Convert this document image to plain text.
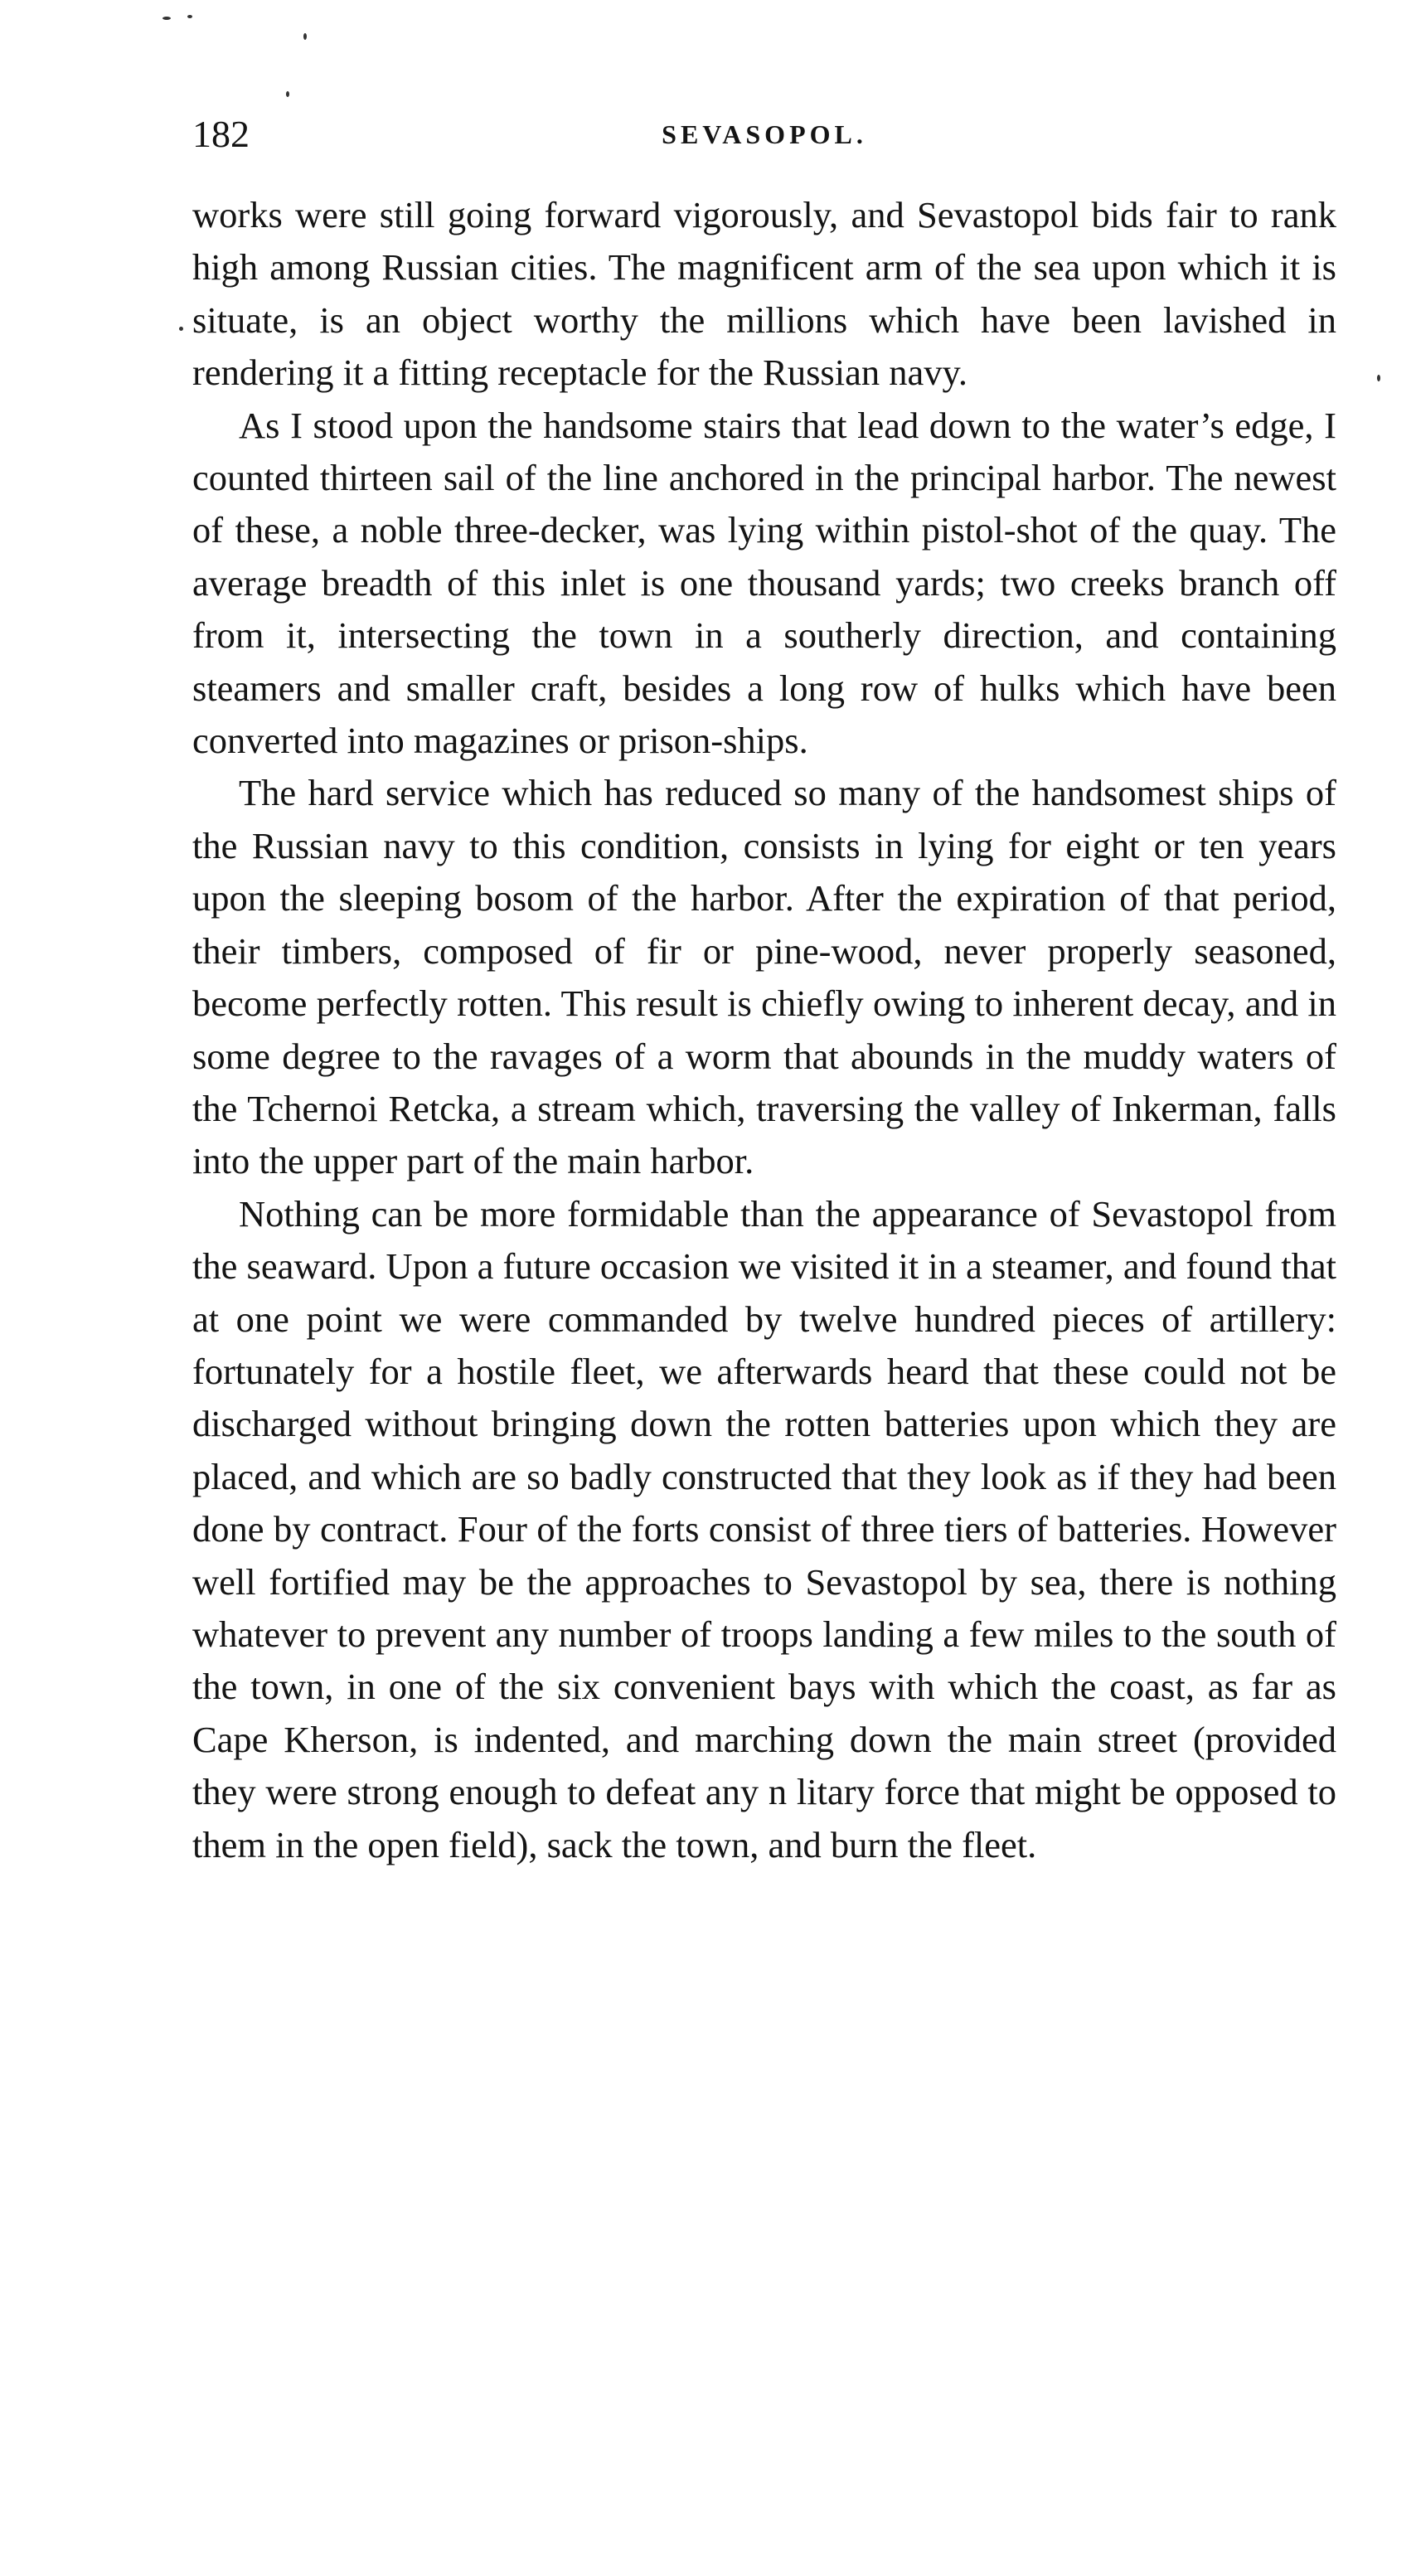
182	SEVASOPOL.

works were still going forward vigorously, and Sevastopol bids fair to rank high among Russian cities. The magnificent arm of the sea upon which it is situate, is an object worthy the millions which have been lavished in rendering it a fitting receptacle for the Russian navy.

As I stood upon the handsome stairs that lead down to the water’s edge, I counted thirteen sail of the line anchored in the principal harbor. The newest of these, a noble three-decker, was lying within pistol-shot of the quay. The average breadth of this inlet is one thousand yards; two creeks branch off from it, intersecting the town in a southerly direction, and containing steamers and smaller craft, besides a long row of hulks which have been converted into magazines or prison-ships.

The hard service which has reduced so many of the handsomest ships of the Russian navy to this condition, consists in lying for eight or ten years upon the sleeping bosom of the harbor. After the expiration of that period, their timbers, composed of fir or pine-wood, never properly seasoned, become perfectly rotten. This result is chiefly owing to inherent decay, and in some degree to the ravages of a worm that abounds in the muddy waters of the Tchernoi Retcka, a stream which, traversing the valley of Inkerman, falls into the upper part of the main harbor.

Nothing can be more formidable than the appearance of Sevastopol from the seaward. Upon a future occasion we visited it in a steamer, and found that at one point we were commanded by twelve hundred pieces of artillery: fortunately for a hostile fleet, we afterwards heard that these could not be discharged without bringing down the rotten batteries upon which they are placed, and which are so badly constructed that they look as if they had been done by contract. Four of the forts consist of three tiers of batteries. However well fortified may be the approaches to Sevastopol by sea, there is nothing whatever to prevent any number of troops landing a few miles to the south of the town, in one of the six convenient bays with which the coast, as far as Cape Kherson, is indented, and marching down the main street (provided they were strong enough to defeat any n litary force that might be opposed to them in the open field), sack the town, and burn the fleet.
